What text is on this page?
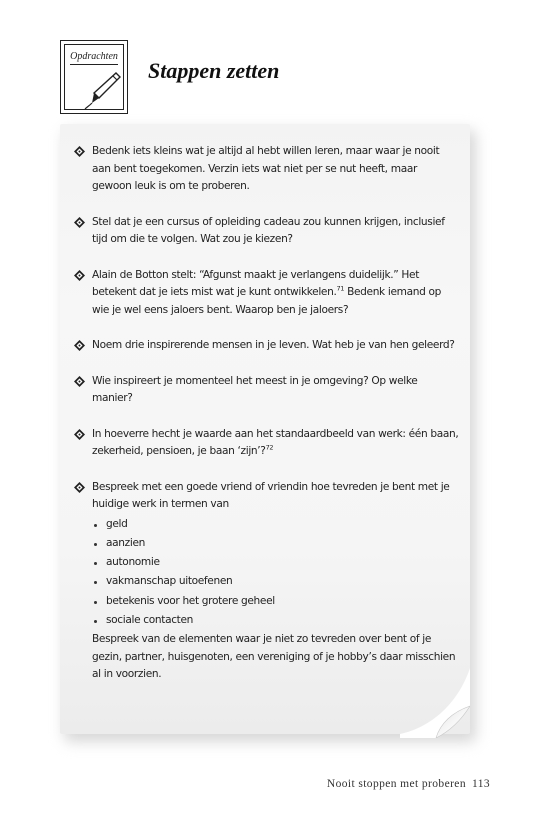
Opdrachten
Stappen zetten
Bedenk iets kleins wat je altijd al hebt willen leren, maar waar je nooit aan bent toegekomen. Verzin iets wat niet per se nut heeft, maar gewoon leuk is om te proberen.
Stel dat je een cursus of opleiding cadeau zou kunnen krijgen, inclusief tijd om die te volgen. Wat zou je kiezen?
Alain de Botton stelt: “Afgunst maakt je verlangens duidelijk.” Het betekent dat je iets mist wat je kunt ontwikkelen.$^{71}$ Bedenk iemand op wie je wel eens jaloers bent. Waarop ben je jaloers?
Noem drie inspirerende mensen in je leven. Wat heb je van hen geleerd?
Wie inspireert je momenteel het meest in je omgeving? Op welke manier?
In hoeverre hecht je waarde aan het standaardbeeld van werk: één baan, zekerheid, pensioen, je baan ‘zijn’?$^{72}$
Bespreek met een goede vriend of vriendin hoe tevreden je bent met je huidige werk in termen van
geld
aanzien
autonomie
vakmanschap uitoefenen
betekenis voor het grotere geheel
sociale contacten
Bespreek van de elementen waar je niet zo tevreden over bent of je gezin, partner, huisgenoten, een vereniging of je hobby’s daar misschien al in voorzien.
Nooit stoppen met proberen 113
